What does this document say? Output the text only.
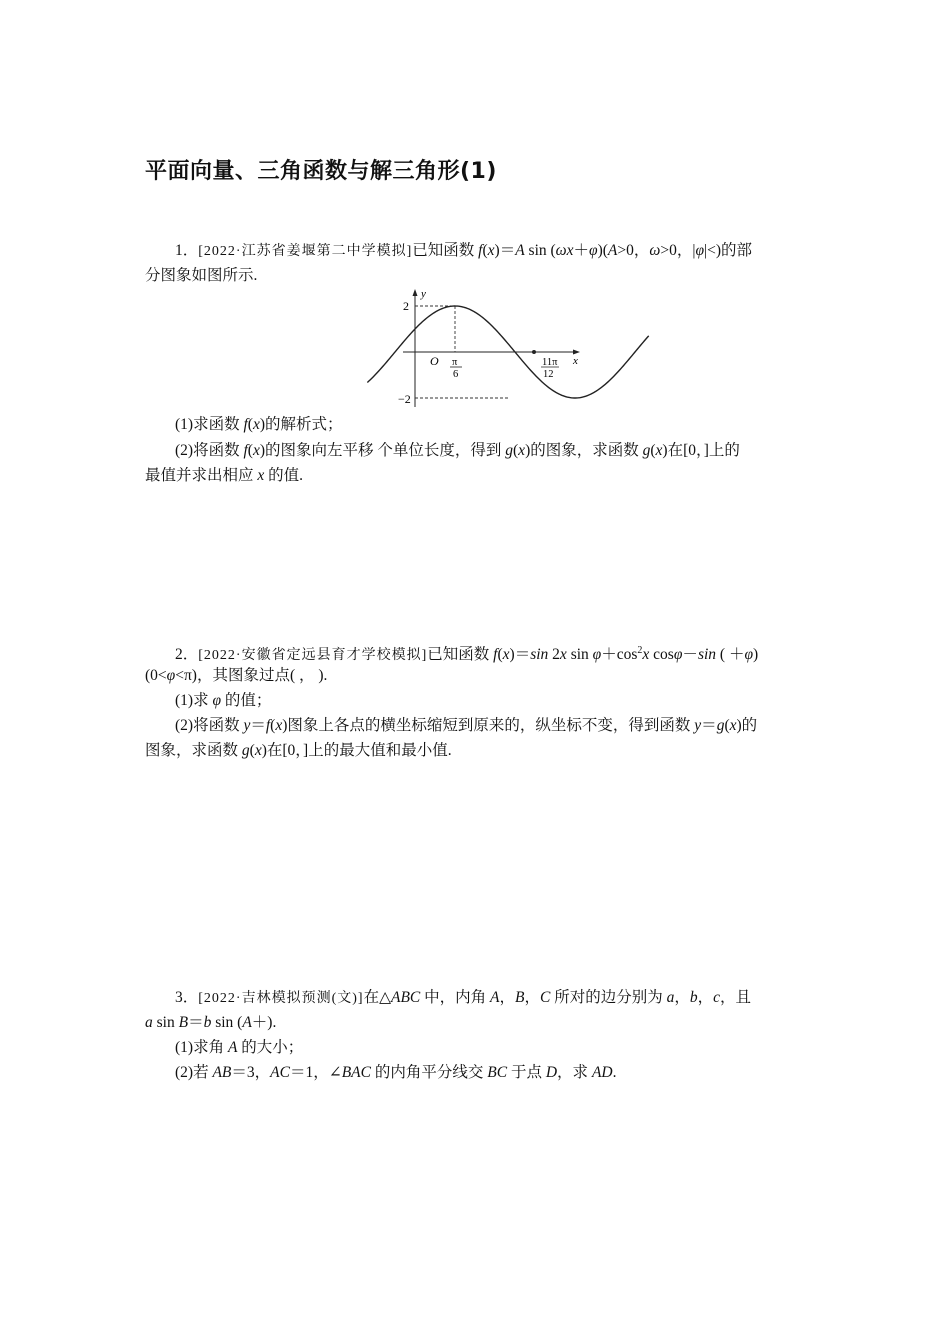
平面向量、三角函数与解三角形(1)
1．[2022·江苏省姜堰第二中学模拟]已知函数 f(x)＝A sin (ωx＋φ)(A>0，ω>0，|φ|<)的部
分图象如图所示.
y
x
O
2
−2
π
6
11π
12
(1)求函数 f(x)的解析式；
(2)将函数 f(x)的图象向左平移 个单位长度，得到 g(x)的图象，求函数 g(x)在[0，]上的
最值并求出相应 x 的值.
2．[2022·安徽省定远县育才学校模拟]已知函数 f(x)＝sin 2x $\sin \varphi+\cos^2x$ cosφ－sin ( ＋φ)
(0<φ<π)，其图象过点( ， ).
(1)求 φ 的值；
(2)将函数 y＝f(x)图象上各点的横坐标缩短到原来的，纵坐标不变，得到函数 y＝g(x)的
图象，求函数 g(x)在[0，]上的最大值和最小值.
3．[2022·吉林模拟预测(文)]在△ABC 中，内角 A，B，C 所对的边分别为 a，b，c，且
a sin B＝b sin (A＋).
(1)求角 A 的大小；
(2)若 AB＝3，AC＝1，∠BAC 的内角平分线交 BC 于点 D，求 AD.
